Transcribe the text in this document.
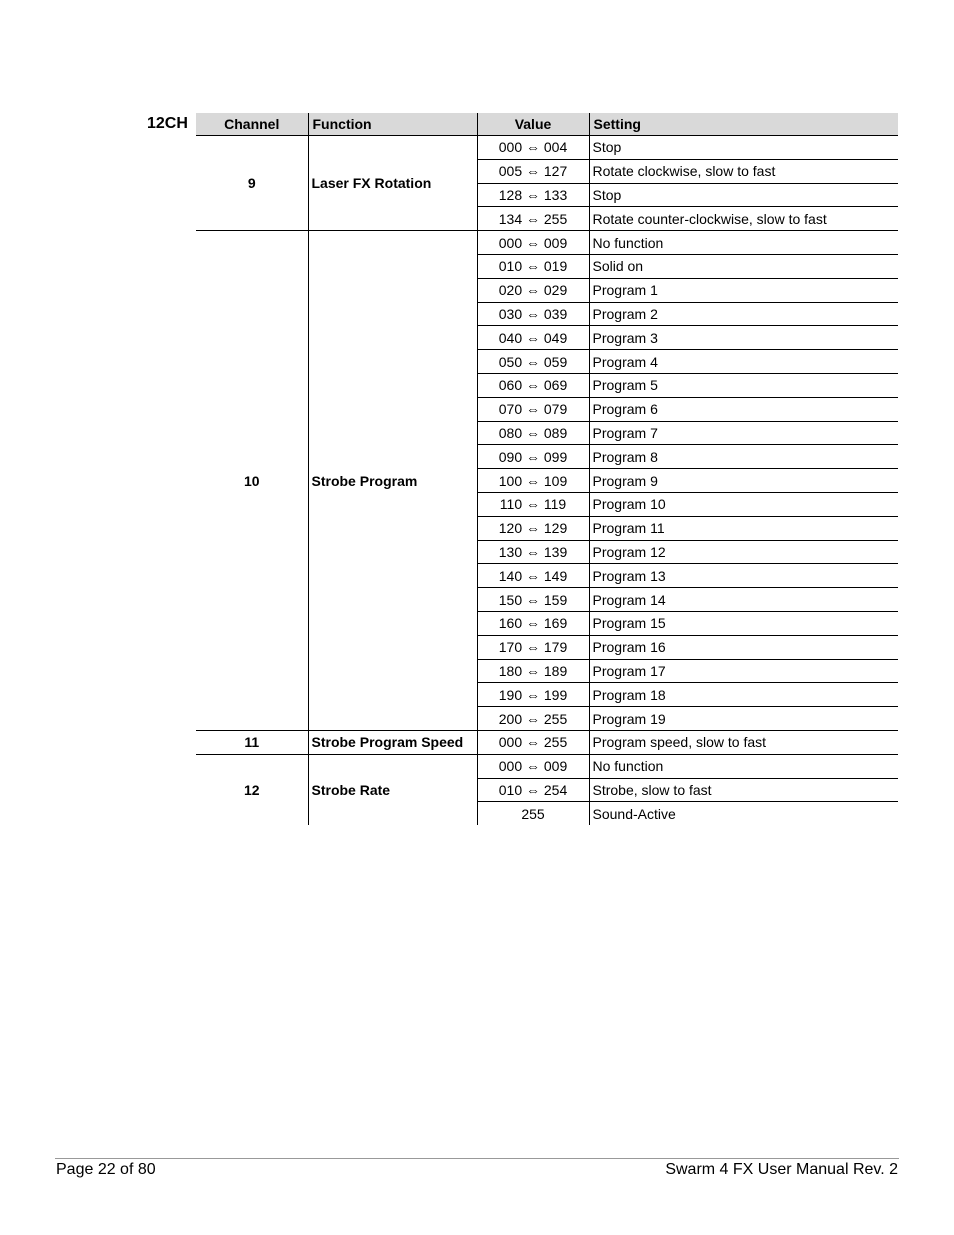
12CH	Channel	Function	Value	Setting
9	Laser FX Rotation	000 ⇔ 004	Stop
		005 ⇔ 127	Rotate clockwise, slow to fast
		128 ⇔ 133	Stop
		134 ⇔ 255	Rotate counter-clockwise, slow to fast
10	Strobe Program	000 ⇔ 009	No function
		010 ⇔ 019	Solid on
		020 ⇔ 029	Program 1
		030 ⇔ 039	Program 2
		040 ⇔ 049	Program 3
		050 ⇔ 059	Program 4
		060 ⇔ 069	Program 5
		070 ⇔ 079	Program 6
		080 ⇔ 089	Program 7
		090 ⇔ 099	Program 8
		100 ⇔ 109	Program 9
		110 ⇔ 119	Program 10
		120 ⇔ 129	Program 11
		130 ⇔ 139	Program 12
		140 ⇔ 149	Program 13
		150 ⇔ 159	Program 14
		160 ⇔ 169	Program 15
		170 ⇔ 179	Program 16
		180 ⇔ 189	Program 17
		190 ⇔ 199	Program 18
		200 ⇔ 255	Program 19
11	Strobe Program Speed	000 ⇔ 255	Program speed, slow to fast
12	Strobe Rate	000 ⇔ 009	No function
		010 ⇔ 254	Strobe, slow to fast
		255	Sound-Active
Page 22 of 80	Swarm 4 FX User Manual Rev. 2
